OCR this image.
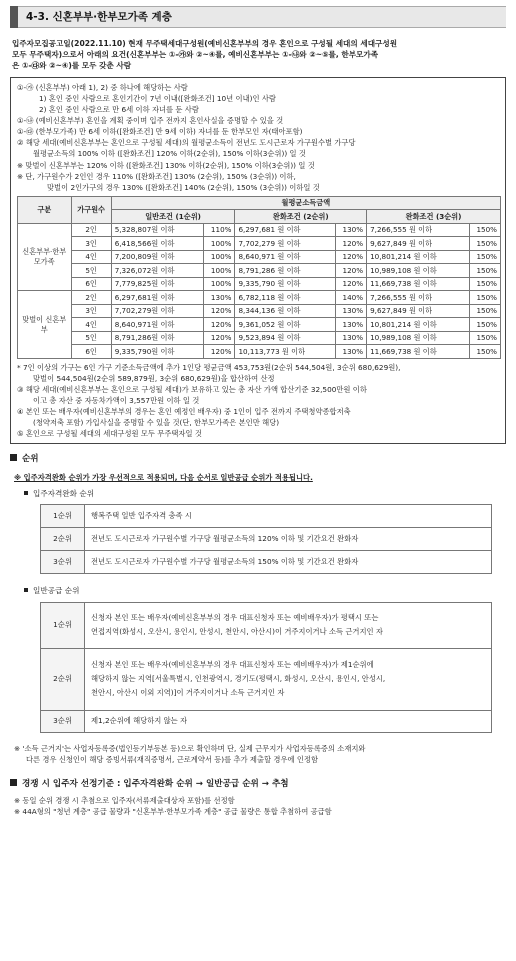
4-3. 신혼부부·한부모가족 계층
입주자모집공고일(2022.11.10) 현재 무주택세대구성원(예비신혼부부의 경우 혼인으로 구성될 세대의 세대구성원
모두 무주택자)으로서 아래의 요건(신혼부부는 ①-㉮와 ②~④를, 예비신혼부부는 ①-㉯와 ②~⑤를, 한부모가족
은 ①-㉰와 ②~④)를 모두 갖춘 사람
①-㉮ (신혼부부) 아래 1), 2) 중 하나에 해당하는 사람
1) 혼인 중인 사람으로 혼인기간이 7년 이내([완화조건] 10년 이내)인 사람
2) 혼인 중인 사람으로 만 6세 이하 자녀를 둔 사람
①-㉯ (예비신혼부부) 혼인을 계획 중이며 입주 전까지 혼인사실을 증명할 수 있을 것
①-㉰ (한부모가족) 만 6세 이하([완화조건] 만 9세 이하) 자녀를 둔 한부모인 자(태아포함)
② 해당 세대(예비신혼부부는 혼인으로 구성될 세대)의 월평균소득이 전년도 도시근로자 가구원수별 가구당
월평균소득의 100% 이하 ([완화조건] 120% 이하(2순위), 150% 이하(3순위)) 일 것
※ 맞벌이 신혼부부는 120% 이하 ([완화조건] 130% 이하(2순위), 150% 이하(3순위)) 일 것
※ 단, 가구원수가 2인인 경우 110% ([완화조건] 130% (2순위), 150% (3순위)) 이하,
맞벌이 2인가구의 경우 130% ([완화조건] 140% (2순위), 150% (3순위)) 이하일 것
구분	가구원수	월평균소득금액					
		일반조건 (1순위)		완화조건 (2순위)		완화조건 (3순위)	
신혼부부·한부모가족	2인	5,328,807원 이하	110%	6,297,681 원 이하	130%	7,266,555 원 이하	150%
	3인	6,418,566원 이하	100%	7,702,279 원 이하	120%	9,627,849 원 이하	150%
	4인	7,200,809원 이하	100%	8,640,971 원 이하	120%	10,801,214 원 이하	150%
	5인	7,326,072원 이하	100%	8,791,286 원 이하	120%	10,989,108 원 이하	150%
	6인	7,779,825원 이하	100%	9,335,790 원 이하	120%	11,669,738 원 이하	150%
맞벌이 신혼부부	2인	6,297,681원 이하	130%	6,782,118 원 이하	140%	7,266,555 원 이하	150%
	3인	7,702,279원 이하	120%	8,344,136 원 이하	130%	9,627,849 원 이하	150%
	4인	8,640,971원 이하	120%	9,361,052 원 이하	130%	10,801,214 원 이하	150%
	5인	8,791,286원 이하	120%	9,523,894 원 이하	130%	10,989,108 원 이하	150%
	6인	9,335,790원 이하	120%	10,113,773 원 이하	130%	11,669,738 원 이하	150%
* 7인 이상의 가구는 6인 가구 기준소득금액에 추가 1인당 평균금액 453,753원(2순위 544,504원, 3순위 680,629원),
맞벌이 544,504원(2순위 589,879원, 3순위 680,629원)을 합산하여 산정
③ 해당 세대(예비신혼부부는 혼인으로 구성될 세대)가 보유하고 있는 총 자산 가액 합산기준 32,500만원 이하
이고 총 자산 중 자동차가액이 3,557만원 이하 일 것
④ 본인 또는 배우자(예비신혼부부의 경우는 혼인 예정인 배우자) 중 1인이 입주 전까지 주택청약종합저축
(청약저축 포함) 가입사실을 증명할 수 있을 것(단, 한부모가족은 본인만 해당)
⑤ 혼인으로 구성될 세대의 세대구성원 모두 무주택자일 것
순위
※ 입주자격완화 순위가 가장 우선적으로 적용되며, 다음 순서로 일반공급 순위가 적용됩니다.
입주자격완화 순위
1순위	행복주택 일반 입주자격 충족 시
2순위	전년도 도시근로자 가구원수별 가구당 월평균소득의 120% 이하 및 기간요건 완화자
3순위	전년도 도시근로자 가구원수별 가구당 월평균소득의 150% 이하 및 기간요건 완화자
일반공급 순위
1순위	신청자 본인 또는 배우자(예비신혼부부의 경우 대표신청자 또는 예비배우자)가 평택시 또는
연접지역(화성시, 오산시, 용인시, 안성시, 천안시, 아산시)이 거주지이거나 소득 근거지인 자

2순위	신청자 본인 또는 배우자(예비신혼부부의 경우 대표신청자 또는 예비배우자)가 제1순위에
해당하지 않는 지역[서울특별시, 인천광역시, 경기도(평택시, 화성시, 오산시, 용인시, 안성시,
천안시, 아산시 이외 지역)]이 거주지이거나 소득 근거지인 자

3순위	제1,2순위에 해당하지 않는 자
※ '소득 근거지'는 사업자등록증(법인등기부등본 등)으로 확인하며 단, 실제 근무지가 사업자등록증의 소재지와
다른 경우 신청인이 해당 증빙서류(재직증명서, 근로계약서 등)를 추가 제출할 경우에 인정함
경쟁 시 입주자 선정기준 : 입주자격완화 순위 → 일반공급 순위 → 추첨
※ 동일 순위 경쟁 시 추첨으로 입주자(서류제출대상자 포함)를 선정함
※ 44A형의 "청년 계층" 공급 물량과 "신혼부부·한부모가족 계층" 공급 물량은 통합 추첨하여 공급함
